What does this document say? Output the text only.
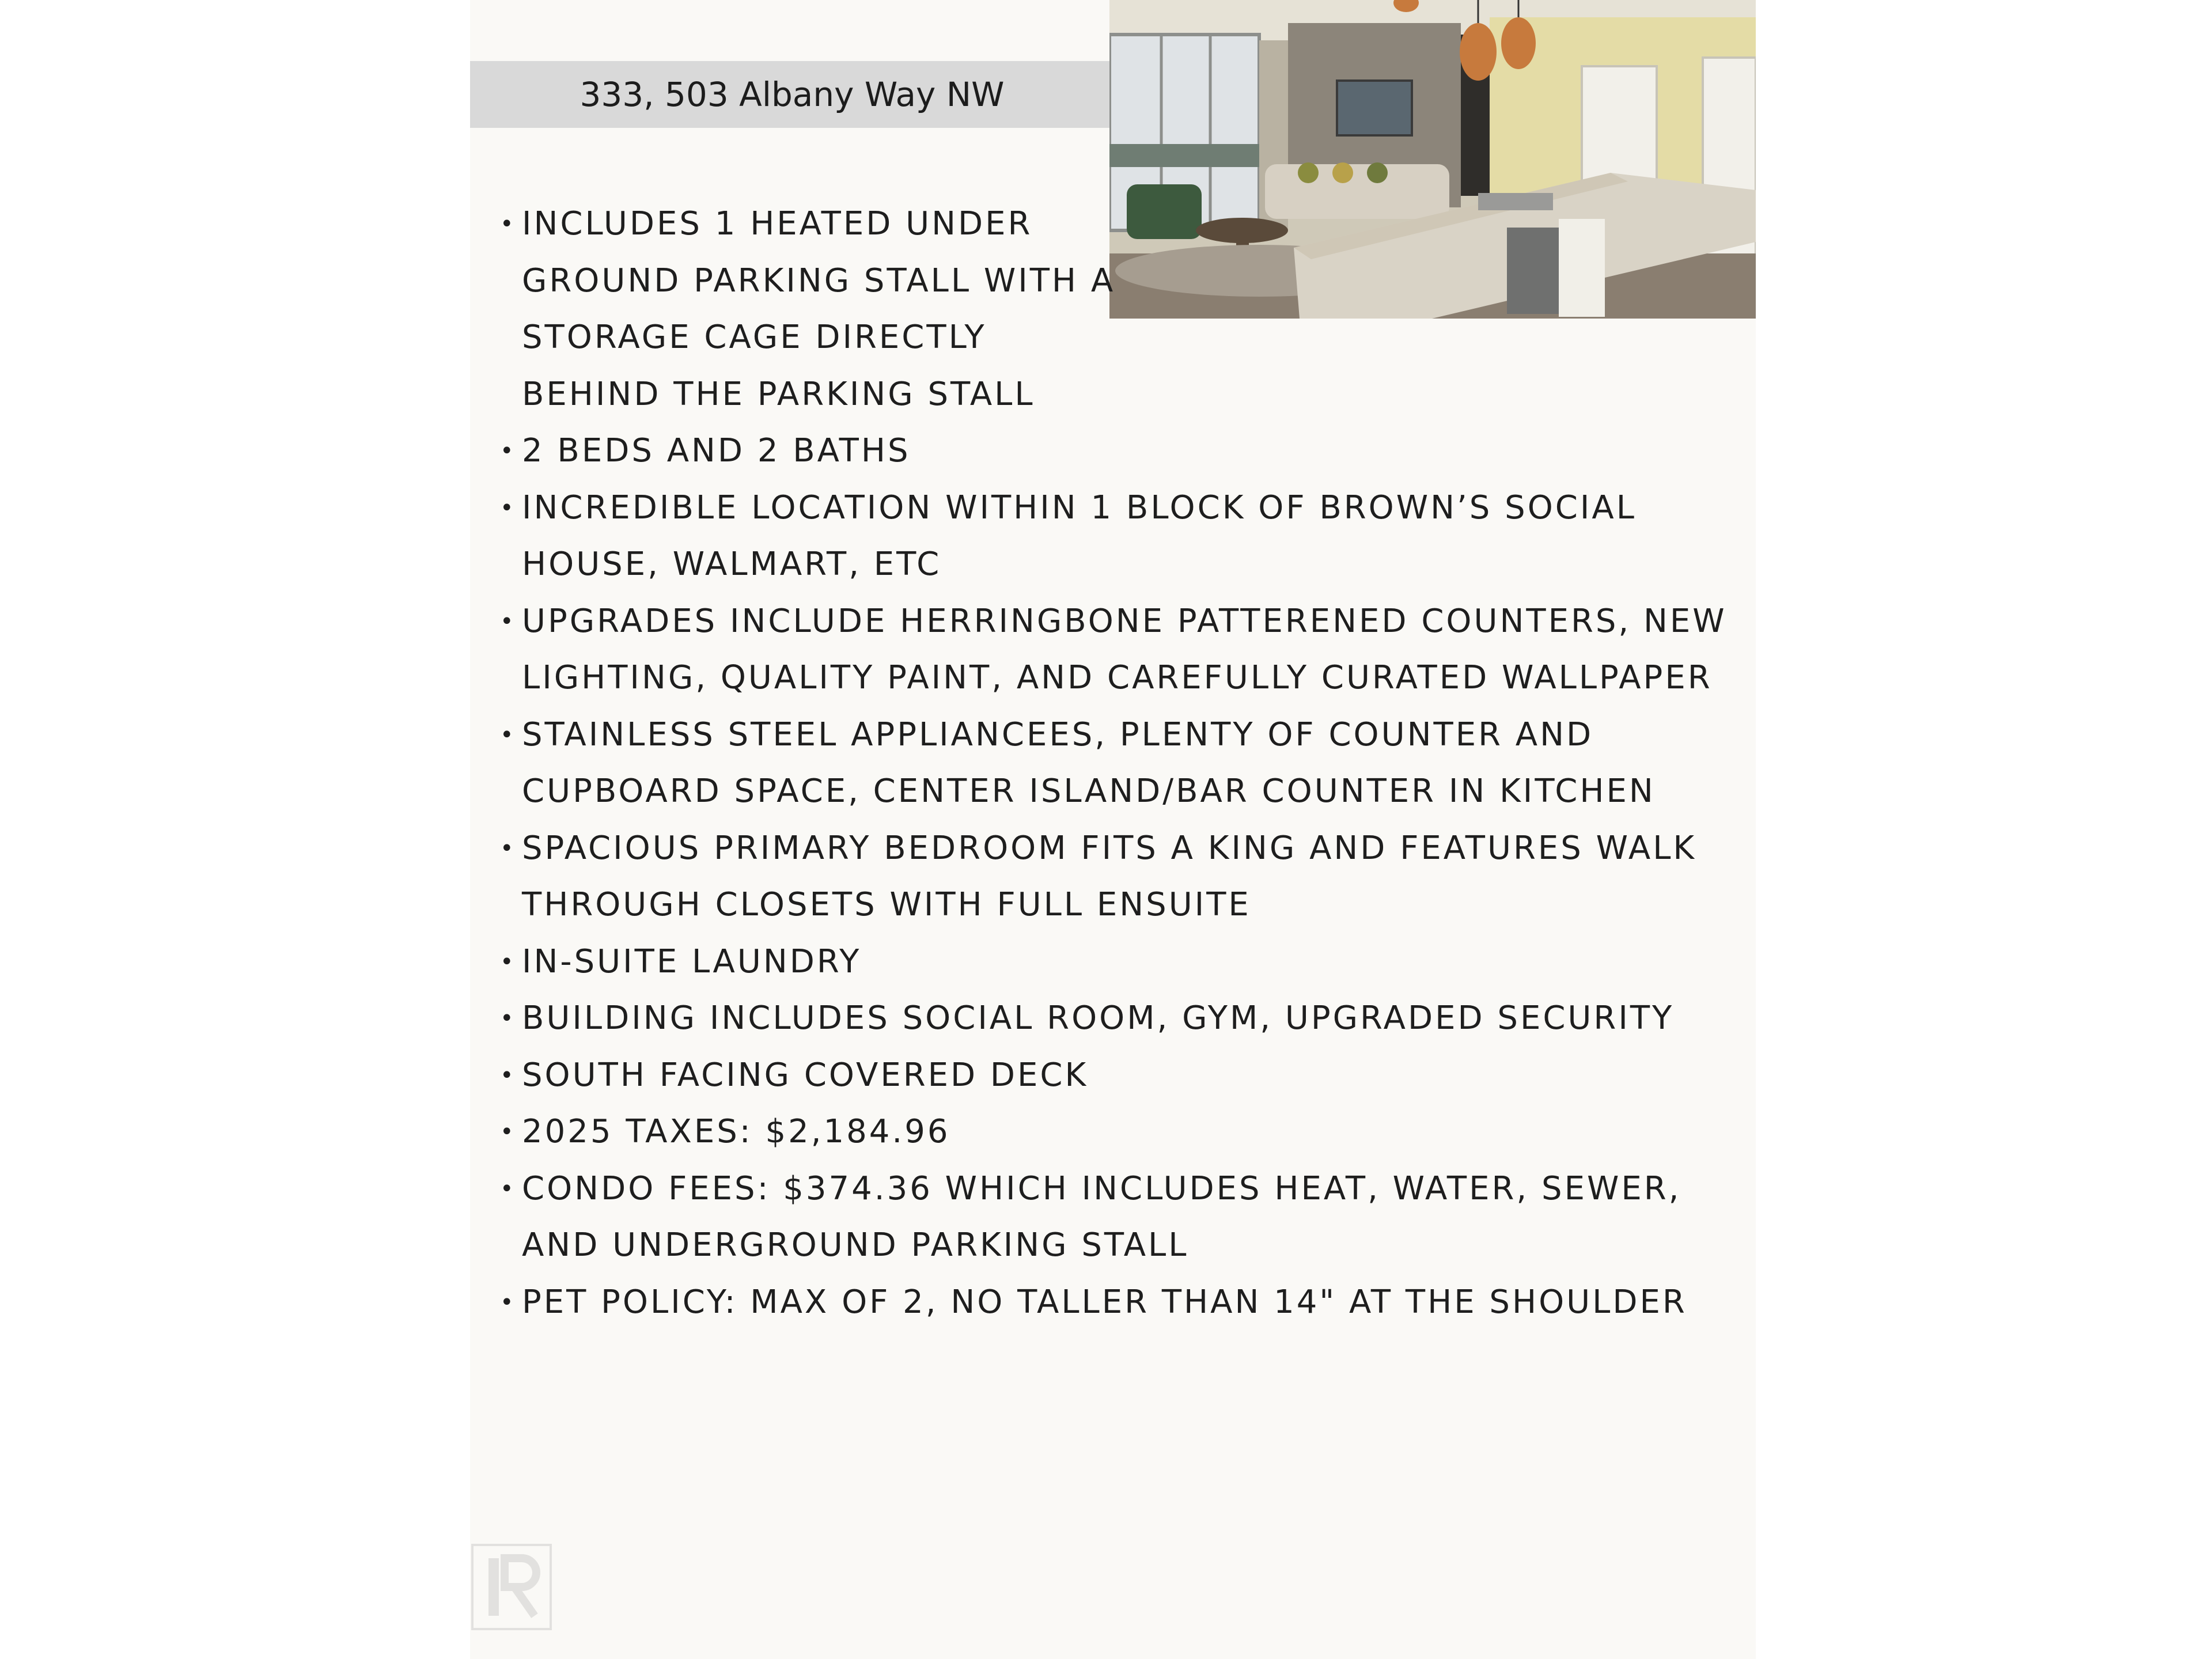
333, 503 Albany Way NW
• INCLUDES 1 HEATED UNDER GROUND PARKING STALL WITH A STORAGE CAGE DIRECTLY BEHIND THE PARKING STALL
• 2 BEDS AND 2 BATHS
• INCREDIBLE LOCATION WITHIN 1 BLOCK OF BROWN’S SOCIAL HOUSE, WALMART, ETC
• UPGRADES INCLUDE HERRINGBONE PATTERENED COUNTERS, NEW LIGHTING, QUALITY PAINT, AND CAREFULLY CURATED WALLPAPER
• STAINLESS STEEL APPLIANCEES, PLENTY OF COUNTER AND CUPBOARD SPACE, CENTER ISLAND/BAR COUNTER IN KITCHEN
• SPACIOUS PRIMARY BEDROOM FITS A KING AND FEATURES WALK THROUGH CLOSETS WITH FULL ENSUITE
• IN-SUITE LAUNDRY
• BUILDING INCLUDES SOCIAL ROOM, GYM, UPGRADED SECURITY
• SOUTH FACING COVERED DECK
• 2025 TAXES: $2,184.96
• CONDO FEES: $374.36 WHICH INCLUDES HEAT, WATER, SEWER, AND UNDERGROUND PARKING STALL
• PET POLICY: MAX OF 2, NO TALLER THAN 14" AT THE SHOULDER
